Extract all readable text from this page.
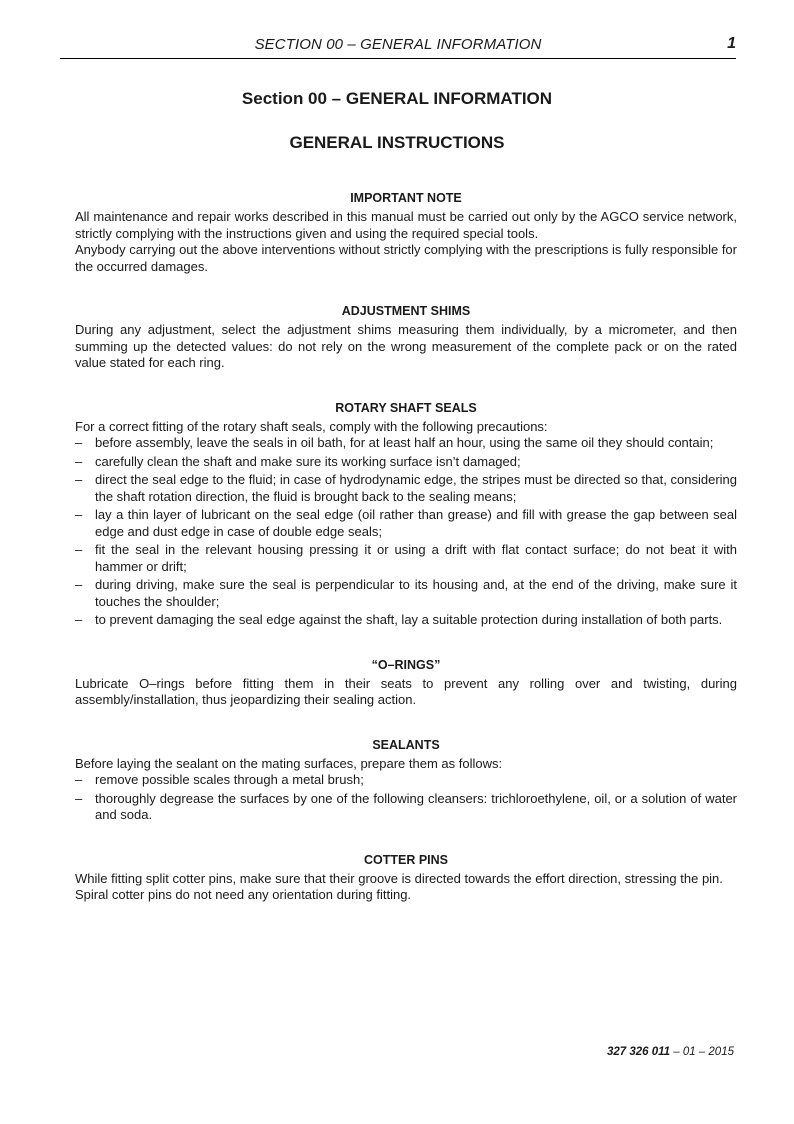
SECTION 00 – GENERAL INFORMATION	1
Section 00 – GENERAL INFORMATION
GENERAL INSTRUCTIONS
IMPORTANT NOTE

All maintenance and repair works described in this manual must be carried out only by the AGCO service network, strictly complying with the instructions given and using the required special tools.

Anybody carrying out the above interventions without strictly complying with the prescriptions is fully responsible for the occurred damages.

ADJUSTMENT SHIMS

During any adjustment, select the adjustment shims measuring them individually, by a micrometer, and then summing up the detected values: do not rely on the wrong measurement of the complete pack or on the rated value stated for each ring.

ROTARY SHAFT SEALS

For a correct fitting of the rotary shaft seals, comply with the following precautions:

– before assembly, leave the seals in oil bath, for at least half an hour, using the same oil they should contain;
– carefully clean the shaft and make sure its working surface isn’t damaged;
– direct the seal edge to the fluid; in case of hydrodynamic edge, the stripes must be directed so that, considering the shaft rotation direction, the fluid is brought back to the sealing means;
– lay a thin layer of lubricant on the seal edge (oil rather than grease) and fill with grease the gap between seal edge and dust edge in case of double edge seals;
– fit the seal in the relevant housing pressing it or using a drift with flat contact surface; do not beat it with hammer or drift;
– during driving, make sure the seal is perpendicular to its housing and, at the end of the driving, make sure it touches the shoulder;
– to prevent damaging the seal edge against the shaft, lay a suitable protection during installation of both parts.
“O–RINGS”

Lubricate O–rings before fitting them in their seats to prevent any rolling over and twisting, during assembly/installation, thus jeopardizing their sealing action.

SEALANTS

Before laying the sealant on the mating surfaces, prepare them as follows:

– remove possible scales through a metal brush;
– thoroughly degrease the surfaces by one of the following cleansers: trichloroethylene, oil, or a solution of water and soda.
COTTER PINS

While fitting split cotter pins, make sure that their groove is directed towards the effort direction, stressing the pin.

Spiral cotter pins do not need any orientation during fitting.

327 326 011 – 01 – 2015
